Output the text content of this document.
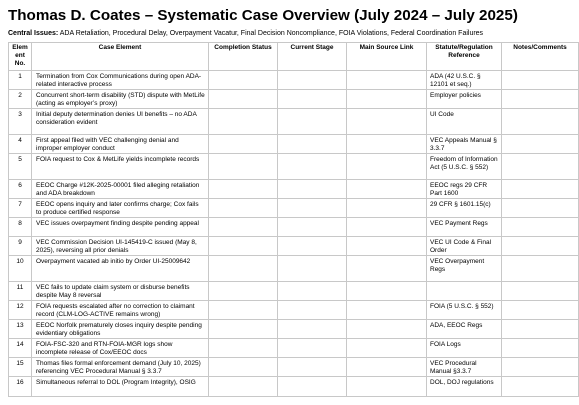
Thomas D. Coates – Systematic Case Overview (July 2024 – July 2025)
Central Issues: ADA Retaliation, Procedural Delay, Overpayment Vacatur, Final Decision Noncompliance, FOIA Violations, Federal Coordination Failures
Elem ent No.	Case Element	Completion Status	Current Stage	Main Source Link	Statute/Regulation Reference	Notes/Comments
1	Termination from Cox Communications during open ADA-related interactive process				ADA (42 U.S.C. § 12101 et seq.)	
2	Concurrent short-term disability (STD) dispute with MetLife (acting as employer’s proxy)				Employer policies	
3	Initial deputy determination denies UI benefits – no ADA consideration evident				UI Code	
4	First appeal filed with VEC challenging denial and improper employer conduct				VEC Appeals Manual § 3.3.7	
5	FOIA request to Cox & MetLife yields incomplete records				Freedom of Information Act (5 U.S.C. § 552)	
6	EEOC Charge #12K-2025-00001 filed alleging retaliation and ADA breakdown				EEOC regs 29 CFR Part 1600	
7	EEOC opens inquiry and later confirms charge; Cox fails to produce certified response				29 CFR § 1601.15(c)	
8	VEC issues overpayment finding despite pending appeal				VEC Payment Regs	
9	VEC Commission Decision UI-145419-C issued (May 8, 2025), reversing all prior denials				VEC UI Code & Final Order	
10	Overpayment vacated ab initio by Order UI-25009642				VEC Overpayment Regs	
11	VEC fails to update claim system or disburse benefits despite May 8 reversal					
12	FOIA requests escalated after no correction to claimant record (CLM-LOG-ACTIVE remains wrong)				FOIA (5 U.S.C. § 552)	
13	EEOC Norfolk prematurely closes inquiry despite pending evidentiary obligations				ADA, EEOC Regs	
14	FOIA-FSC-320 and RTN-FOIA-MGR logs show incomplete release of Cox/EEOC docs				FOIA Logs	
15	Thomas files formal enforcement demand (July 10, 2025) referencing VEC Procedural Manual § 3.3.7				VEC Procedural Manual §3.3.7	
16	Simultaneous referral to DOL (Program Integrity), OSIG				DOL, DOJ regulations	
